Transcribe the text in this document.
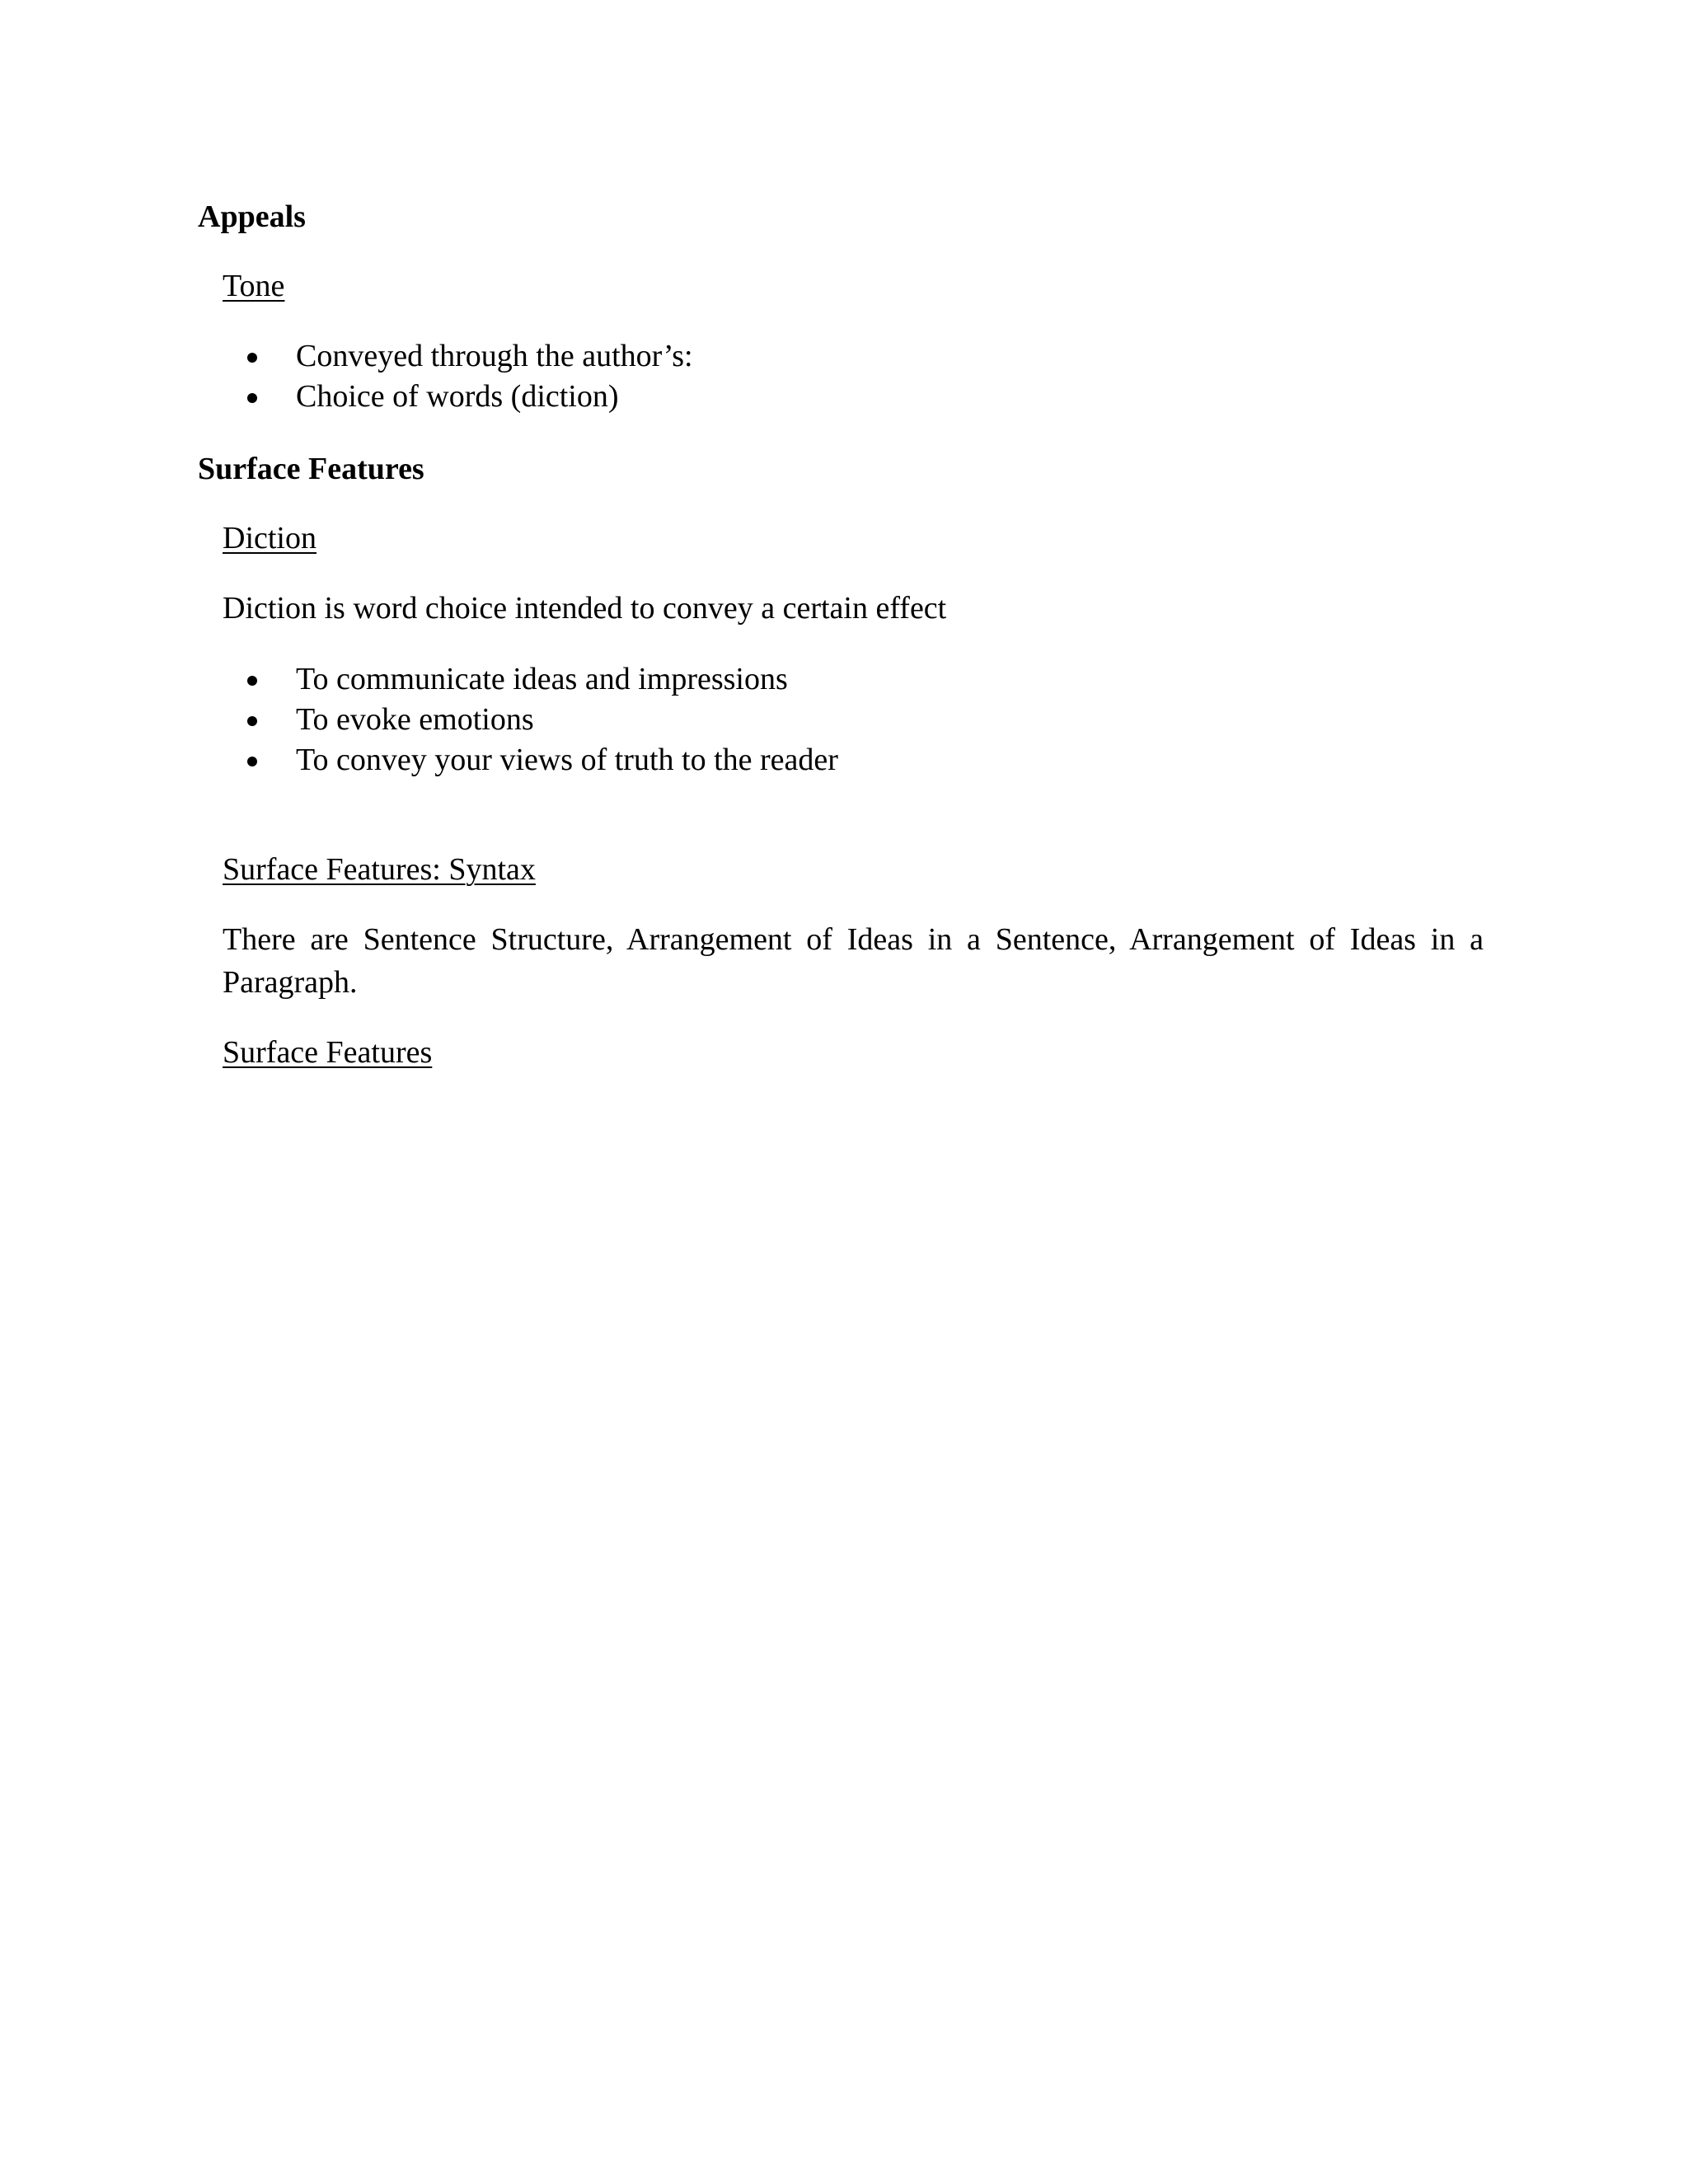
Appeals

Tone

Conveyed through the author’s:
Choice of words (diction)

Surface Features

Diction

Diction is word choice intended to convey a certain effect

To communicate ideas and impressions
To evoke emotions
To convey your views of truth to the reader

Surface Features: Syntax

There are Sentence Structure, Arrangement of Ideas in a Sentence, Arrangement of Ideas in a Paragraph.

Surface Features
